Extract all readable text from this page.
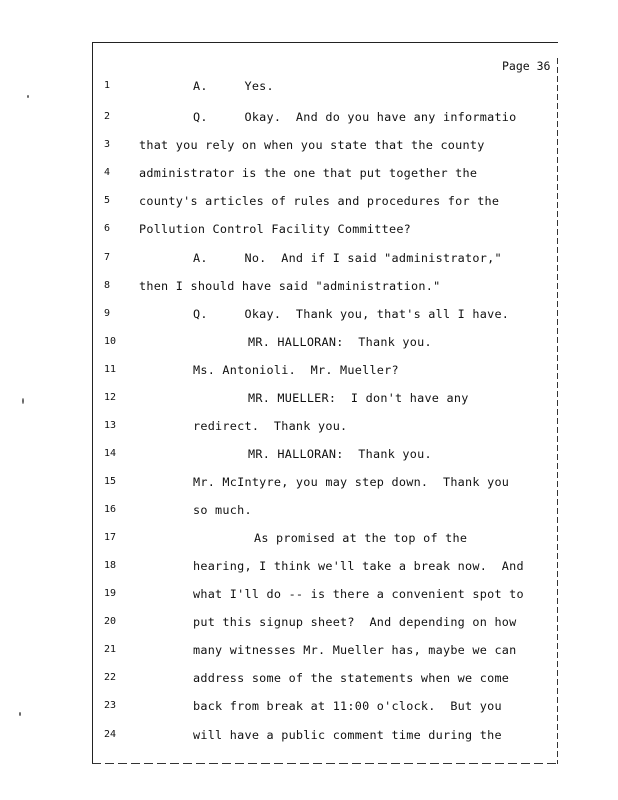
Page 36
1	A.     Yes.
2	Q.     Okay.  And do you have any informatio
3	that you rely on when you state that the county
4	administrator is the one that put together the
5	county's articles of rules and procedures for the
6	Pollution Control Facility Committee?
7	A.     No.  And if I said "administrator,"
8	then I should have said "administration."
9	Q.     Okay.  Thank you, that's all I have.
10	MR. HALLORAN:  Thank you.
11	Ms. Antonioli.  Mr. Mueller?
12	MR. MUELLER:  I don't have any
13	redirect.  Thank you.
14	MR. HALLORAN:  Thank you.
15	Mr. McIntyre, you may step down.  Thank you
16	so much.
17	As promised at the top of the
18	hearing, I think we'll take a break now.  And
19	what I'll do -- is there a convenient spot to
20	put this signup sheet?  And depending on how
21	many witnesses Mr. Mueller has, maybe we can
22	address some of the statements when we come
23	back from break at 11:00 o'clock.  But you
24	will have a public comment time during the
